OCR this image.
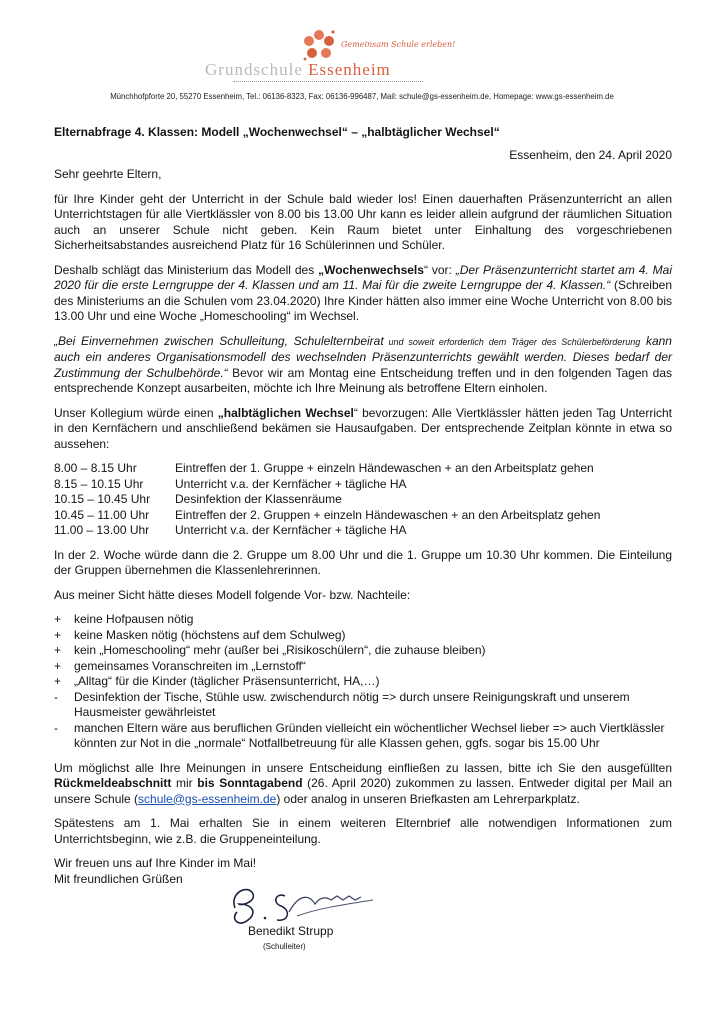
Gemeinsam Schule erleben!
Grundschule Essenheim
Münchhofpforte 20, 55270 Essenheim, Tel.: 06136-8323, Fax: 06136-996487, Mail: schule@gs-essenheim.de, Homepage: www.gs-essenheim.de
Elternabfrage 4. Klassen: Modell „Wochenwechsel“ – „halbtäglicher Wechsel“
Essenheim, den 24. April 2020

Sehr geehrte Eltern,

für Ihre Kinder geht der Unterricht in der Schule bald wieder los! Einen dauerhaften Präsenzunterricht an allen Unterrichtstagen für alle Viertklässler von 8.00 bis 13.00 Uhr kann es leider allein aufgrund der räumlichen Situation auch an unserer Schule nicht geben. Kein Raum bietet unter Einhaltung des vorgeschriebenen Sicherheitsabstandes ausreichend Platz für 16 Schülerinnen und Schüler.

Deshalb schlägt das Ministerium das Modell des „Wochenwechsels“ vor: „Der Präsenzunterricht startet am 4. Mai 2020 für die erste Lerngruppe der 4. Klassen und am 11. Mai für die zweite Lerngruppe der 4. Klassen.“ (Schreiben des Ministeriums an die Schulen vom 23.04.2020) Ihre Kinder hätten also immer eine Woche Unterricht von 8.00 bis 13.00 Uhr und eine Woche „Homeschooling“ im Wechsel.

„Bei Einvernehmen zwischen Schulleitung, Schulelternbeirat und soweit erforderlich dem Träger des Schülerbeförderung kann auch ein anderes Organisationsmodell des wechselnden Präsenzunterrichts gewählt werden. Dieses bedarf der Zustimmung der Schulbehörde.“ Bevor wir am Montag eine Entscheidung treffen und in den folgenden Tagen das entsprechende Konzept ausarbeiten, möchte ich Ihre Meinung als betroffene Eltern einholen.

Unser Kollegium würde einen „halbtäglichen Wechsel“ bevorzugen: Alle Viertklässler hätten jeden Tag Unterricht in den Kernfächern und anschließend bekämen sie Hausaufgaben. Der entsprechende Zeitplan könnte in etwa so aussehen:

8.00 – 8.15 Uhr	Eintreffen der 1. Gruppe + einzeln Händewaschen + an den Arbeitsplatz gehen
8.15 – 10.15 Uhr	Unterricht v.a. der Kernfächer + tägliche HA
10.15 – 10.45 Uhr	Desinfektion der Klassenräume
10.45 – 11.00 Uhr	Eintreffen der 2. Gruppen + einzeln Händewaschen + an den Arbeitsplatz gehen
11.00 – 13.00 Uhr	Unterricht v.a. der Kernfächer + tägliche HA

In der 2. Woche würde dann die 2. Gruppe um 8.00 Uhr und die 1. Gruppe um 10.30 Uhr kommen. Die Einteilung der Gruppen übernehmen die Klassenlehrerinnen.

Aus meiner Sicht hätte dieses Modell folgende Vor- bzw. Nachteile:

+	keine Hofpausen nötig
+	keine Masken nötig (höchstens auf dem Schulweg)
+	kein „Homeschooling“ mehr (außer bei „Risikoschülern“, die zuhause bleiben)
+	gemeinsames Voranschreiten im „Lernstoff“
+	„Alltag“ für die Kinder (täglicher Präsensunterricht, HA,…)
-	Desinfektion der Tische, Stühle usw. zwischendurch nötig => durch unsere Reinigungskraft und unserem Hausmeister gewährleistet
-	manchen Eltern wäre aus beruflichen Gründen vielleicht ein wöchentlicher Wechsel lieber => auch Viertklässler könnten zur Not in die „normale“ Notfallbetreuung für alle Klassen gehen, ggfs. sogar bis 15.00 Uhr

Um möglichst alle Ihre Meinungen in unsere Entscheidung einfließen zu lassen, bitte ich Sie den ausgefüllten Rückmeldeabschnitt mir bis Sonntagabend (26. April 2020) zukommen zu lassen. Entweder digital per Mail an unsere Schule (schule@gs-essenheim.de) oder analog in unseren Briefkasten am Lehrerparkplatz.

Spätestens am 1. Mai erhalten Sie in einem weiteren Elternbrief alle notwendigen Informationen zum Unterrichtsbeginn, wie z.B. die Gruppeneinteilung.

Wir freuen uns auf Ihre Kinder im Mai!
Mit freundlichen Grüßen
Benedikt Strupp
(Schulleiter)
